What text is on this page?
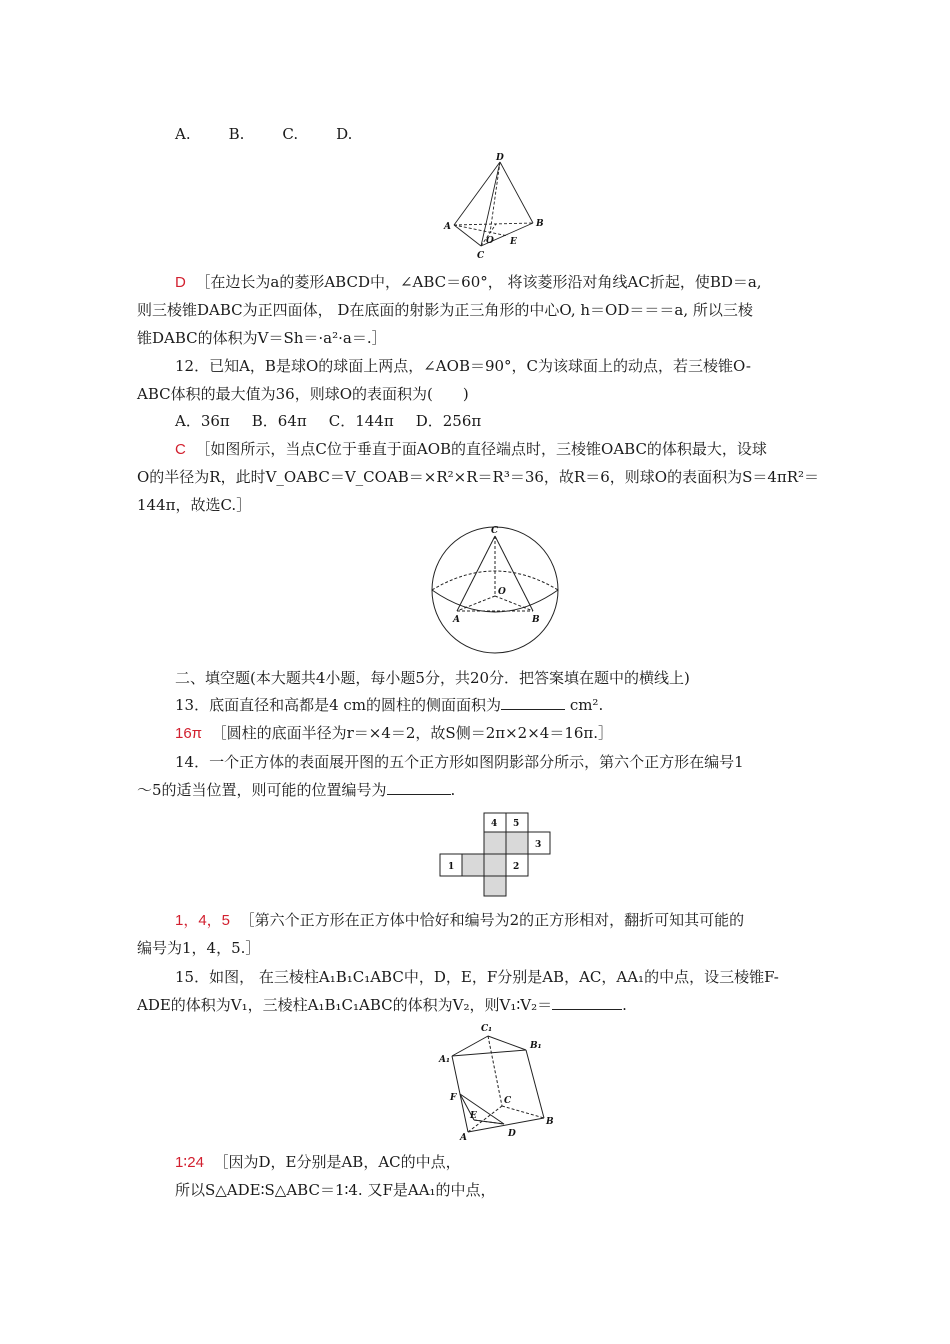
A.	B.	C.	D.
D
A	B
O E
C
D ［在边长为a的菱形ABCD中，∠ABC＝60°， 将该菱形沿对角线AC折起，使BD＝a,
则三棱锥DABC为正四面体， D在底面的射影为正三角形的中心O, h＝OD＝＝＝a, 所以三棱
锥DABC的体积为V＝Sh＝·a²·a＝.］
12．已知A，B是球O的球面上两点，∠AOB＝90°，C为该球面上的动点，若三棱锥O-
ABC体积的最大值为36，则球O的表面积为(　　)
A．36π B．64π C．144π D．256π
C ［如图所示，当点C位于垂直于面AOB的直径端点时，三棱锥OABC的体积最大，设球
O的半径为R，此时V_OABC＝V_COAB＝×R²×R＝R³＝36，故R＝6，则球O的表面积为S＝4πR²＝
144π，故选C.］
C
O
A	B
二、填空题(本大题共4小题，每小题5分，共20分．把答案填在题中的横线上)
13．底面直径和高都是4 cm的圆柱的侧面面积为	cm².
16π ［圆柱的底面半径为r＝×4＝2，故S侧＝2π×2×4＝16π.］
14．一个正方体的表面展开图的五个正方形如图阴影部分所示，第六个正方形在编号1
～5的适当位置，则可能的位置编号为	.
4 5
3
1	2
1，4，5 ［第六个正方形在正方体中恰好和编号为2的正方形相对，翻折可知其可能的
编号为1，4，5.］
15．如图， 在三棱柱A₁B₁C₁ABC中，D，E，F分别是AB，AC，AA₁的中点，设三棱锥F-
ADE的体积为V₁，三棱柱A₁B₁C₁ABC的体积为V₂，则V₁∶V₂＝	.
C₁
B₁
A₁
F	C
E
A	D
B
1∶24 ［因为D，E分别是AB，AC的中点，
所以S△ADE∶S△ABC＝1∶4. 又F是AA₁的中点，
